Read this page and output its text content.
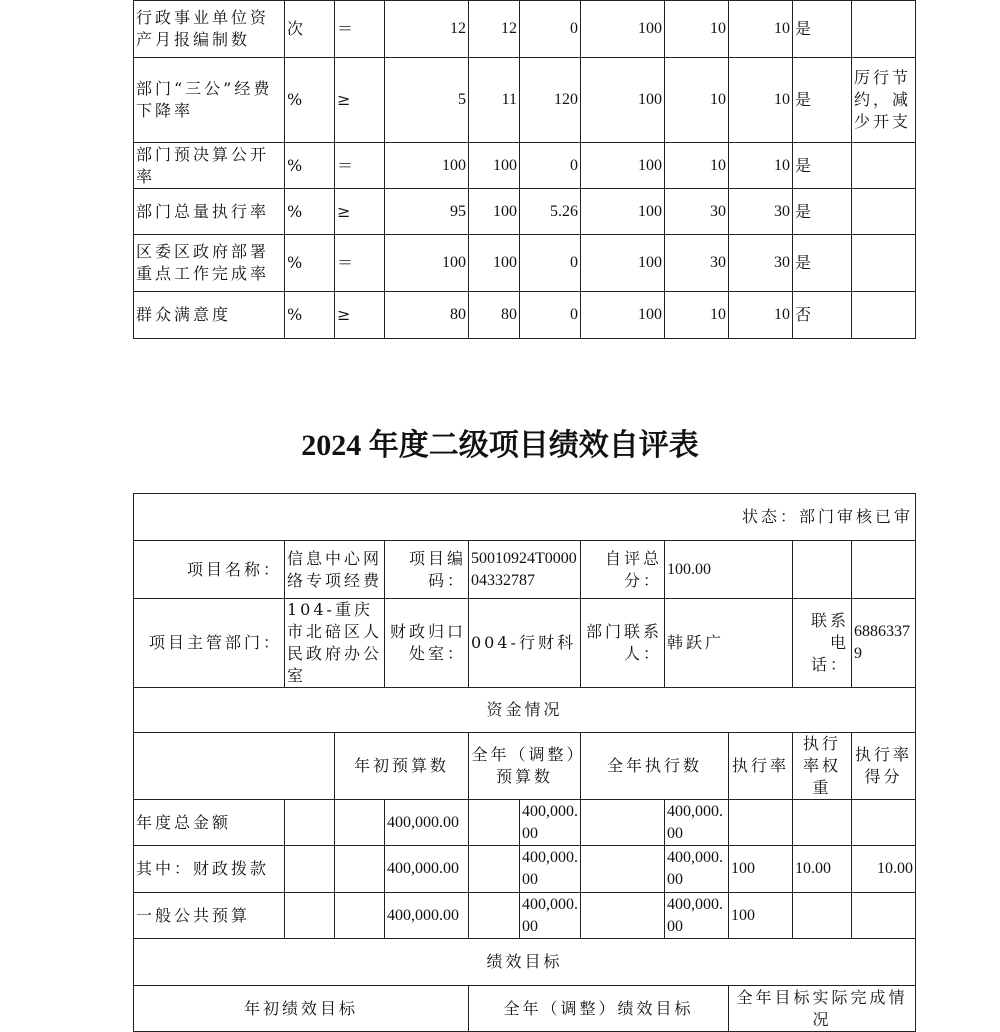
行政事业单位资产月报编制数	次	＝	12	12	0	100	10	10	是	
部门“三公”经费下降率	%	≥	5	11	120	100	10	10	是	厉行节约，减少开支
部门预决算公开率	%	＝	100	100	0	100	10	10	是	
部门总量执行率	%	≥	95	100	5.26	100	30	30	是	
区委区政府部署重点工作完成率	%	＝	100	100	0	100	30	30	是	
群众满意度	%	≥	80	80	0	100	10	10	否	
2024 年度二级项目绩效自评表
状态：部门审核已审										
项目名称：	信息中心网络专项经费		项目编码：	50010924T000004332787		自评总分：	100.00			
项目主管部门：	104-重庆市北碚区人民政府办公室		财政归口处室：	004-行财科		部门联系人：	韩跃广		联系电话：	68863379
资金情况										
		年初预算数		全年（调整）预算数		全年执行数		执行率	执行率权重	执行率得分
年度总金额			400,000.00		400,000.00		400,000.00			
其中：财政拨款			400,000.00		400,000.00		400,000.00	100	10.00	10.00
一般公共预算			400,000.00		400,000.00		400,000.00	100		
绩效目标										
年初绩效目标				全年（调整）绩效目标				全年目标实际完成情况		
